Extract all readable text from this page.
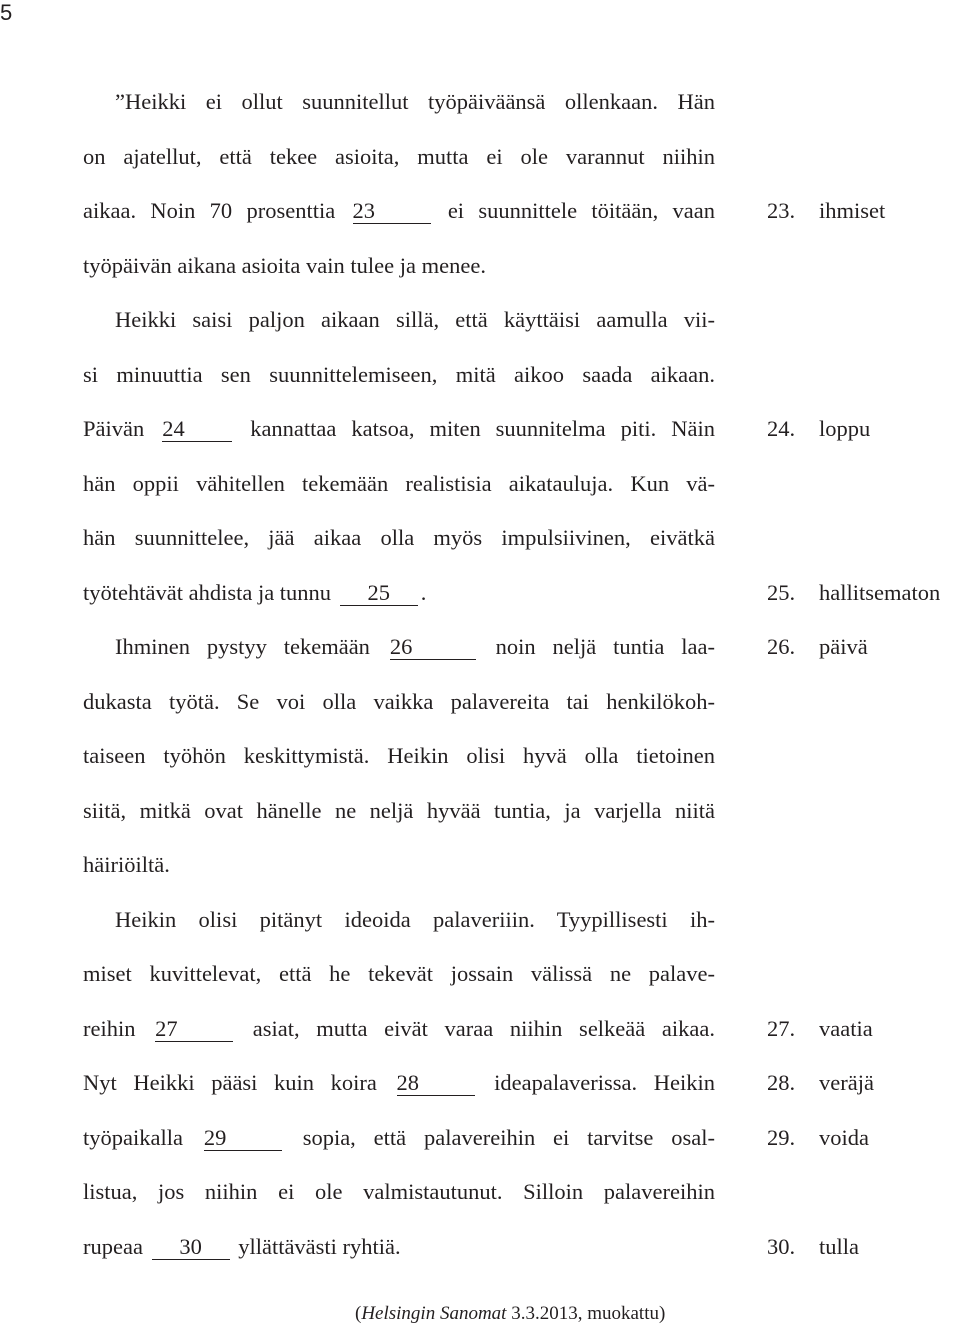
5
”Heikki ei ollut suunnitellut työpäiväänsä ollenkaan. Hän
on ajatellut, että tekee asioita, mutta ei ole varannut niihin
aikaa. Noin 70 prosenttia 23	ei suunnittele töitään, vaan
työpäivän aikana asioita vain tulee ja menee.
Heikki saisi paljon aikaan sillä, että käyttäisi aamulla vii-
si minuuttia sen suunnittelemiseen, mitä aikoo saada aikaan.
Päivän 24 kannattaa katsoa, miten suunnitelma piti. Näin
hän oppii vähitellen tekemään realistisia aikatauluja. Kun vä-
hän suunnittelee, jää aikaa olla myös impulsiivinen, eivätkä
työtehtävät ahdista ja tunnu 25 .
Ihminen pystyy tekemään 26	noin neljä tuntia laa-
dukasta työtä. Se voi olla vaikka palavereita tai henkilökoh-
taiseen työhön keskittymistä. Heikin olisi hyvä olla tietoinen
siitä, mitkä ovat hänelle ne neljä hyvää tuntia, ja varjella niitä
häiriöiltä.
Heikin olisi pitänyt ideoida palaveriiin. Tyypillisesti ih-
miset kuvittelevat, että he tekevät jossain välissä ne palave-
reihin 27	asiat, mutta eivät varaa niihin selkeää aikaa.
Nyt Heikki pääsi kuin koira 28	ideapalaverissa. Heikin
työpaikalla 29	sopia, että palavereihin ei tarvitse osal-
listua, jos niihin ei ole valmistautunut. Silloin palavereihin
rupeaa 30 yllättävästi ryhtiä.
23. ihmiset
24. loppu
25. hallitsematon
26. päivä
27. vaatia
28. veräjä
29. voida
30. tulla
(Helsingin Sanomat 3.3.2013, muokattu)
